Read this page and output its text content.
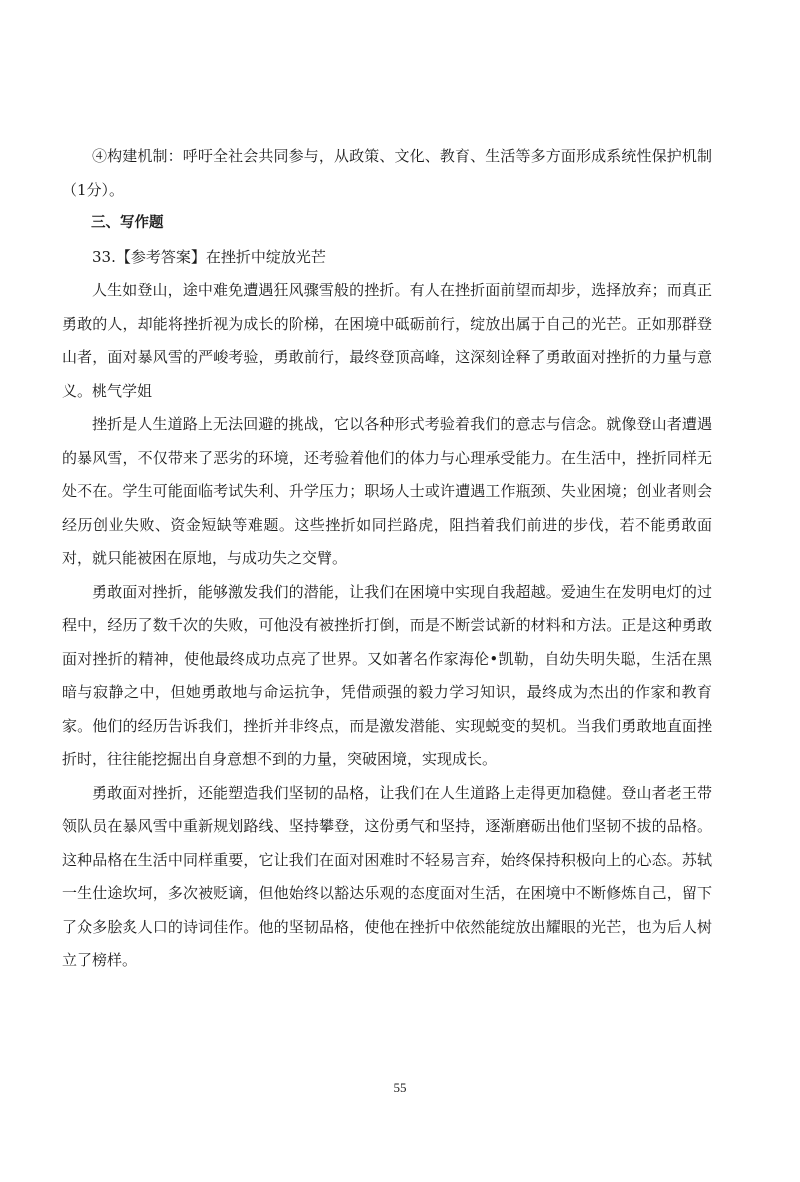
④构建机制：呼吁全社会共同参与，从政策、文化、教育、生活等多方面形成系统性保护机制（1分）。

三、写作题

33.【参考答案】在挫折中绽放光芒

人生如登山，途中难免遭遇狂风骤雪般的挫折。有人在挫折面前望而却步，选择放弃；而真正勇敢的人，却能将挫折视为成长的阶梯，在困境中砥砺前行，绽放出属于自己的光芒。正如那群登山者，面对暴风雪的严峻考验，勇敢前行，最终登顶高峰，这深刻诠释了勇敢面对挫折的力量与意义。桃气学姐

挫折是人生道路上无法回避的挑战，它以各种形式考验着我们的意志与信念。就像登山者遭遇的暴风雪，不仅带来了恶劣的环境，还考验着他们的体力与心理承受能力。在生活中，挫折同样无处不在。学生可能面临考试失利、升学压力；职场人士或许遭遇工作瓶颈、失业困境；创业者则会经历创业失败、资金短缺等难题。这些挫折如同拦路虎，阻挡着我们前进的步伐，若不能勇敢面对，就只能被困在原地，与成功失之交臂。

勇敢面对挫折，能够激发我们的潜能，让我们在困境中实现自我超越。爱迪生在发明电灯的过程中，经历了数千次的失败，可他没有被挫折打倒，而是不断尝试新的材料和方法。正是这种勇敢面对挫折的精神，使他最终成功点亮了世界。又如著名作家海伦•凯勒，自幼失明失聪，生活在黑暗与寂静之中，但她勇敢地与命运抗争，凭借顽强的毅力学习知识，最终成为杰出的作家和教育家。他们的经历告诉我们，挫折并非终点，而是激发潜能、实现蜕变的契机。当我们勇敢地直面挫折时，往往能挖掘出自身意想不到的力量，突破困境，实现成长。

勇敢面对挫折，还能塑造我们坚韧的品格，让我们在人生道路上走得更加稳健。登山者老王带领队员在暴风雪中重新规划路线、坚持攀登，这份勇气和坚持，逐渐磨砺出他们坚韧不拔的品格。这种品格在生活中同样重要，它让我们在面对困难时不轻易言弃，始终保持积极向上的心态。苏轼一生仕途坎坷，多次被贬谪，但他始终以豁达乐观的态度面对生活，在困境中不断修炼自己，留下了众多脍炙人口的诗词佳作。他的坚韧品格，使他在挫折中依然能绽放出耀眼的光芒，也为后人树立了榜样。

55
